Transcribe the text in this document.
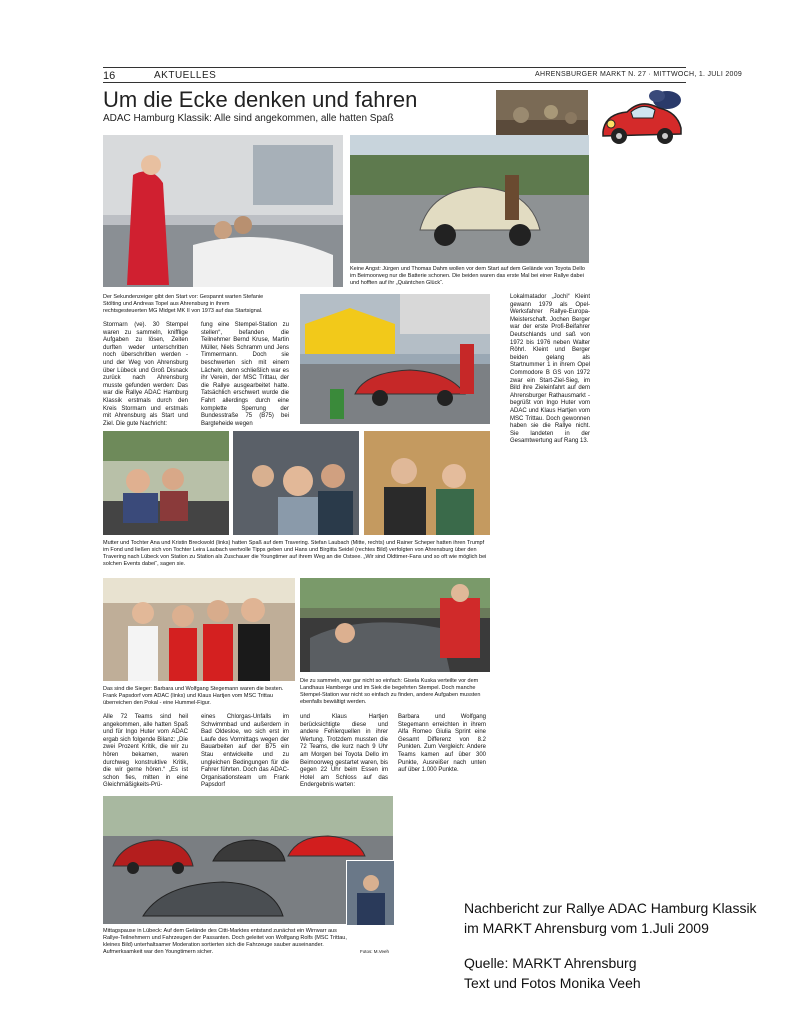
16	AKTUELLES	AHRENSBURGER MARKT N. 27 · MITTWOCH, 1. JULI 2009
Um die Ecke denken und fahren
ADAC Hamburg Klassik: Alle sind angekommen, alle hatten Spaß
Keine Angst: Jürgen und Thomas Dahm wollen vor dem Start auf dem Gelände von Toyota Dello im Beimoorweg nur die Batterie schonen. Die beiden waren das erste Mal bei einer Rallye dabei und hofften auf ihr „Quäntchen Glück“.
Der Sekundenzeiger gibt den Start vor: Gespannt warten Stefanie Stölting und Andreas Topel aus Ahrensburg in ihrem rechtsgesteuerten MG Midget MK II von 1973 auf das Startsignal.
Stormarn (ve). 30 Stempel waren zu sammeln, knifflige Aufgaben zu lösen, Zeiten durften weder unterschritten noch überschritten werden - und der Weg von Ahrensburg über Lübeck und Groß Disnack zurück nach Ahrensburg musste gefunden werden: Das war die Rallye ADAC Hamburg Klassik erstmals durch den Kreis Stormarn und erstmals mit Ahrensburg als Start und Ziel. Die gute Nachricht:
fung eine Stempel-Station zu stellen“, befanden die Teilnehmer Bernd Kruse, Martin Müller, Niels Schramm und Jens Timmermann. Doch sie beschwerten sich mit einem Lächeln, denn schließlich war es ihr Verein, der MSC Trittau, der die Rallye ausgearbeitet hatte. Tatsächlich erschwert wurde die Fahrt allerdings durch eine komplette Sperrung der Bundesstraße 75 (B75) bei Bargteheide wegen
Lokalmatador „Jochi“ Kleint gewann 1979 als Opel-Werksfahrer Rallye-Europa-Meisterschaft. Jochen Berger war der erste Profi-Beifahrer Deutschlands und saß von 1972 bis 1976 neben Walter Röhrl. Kleint und Berger beiden gelang als Startnummer 1 in ihrem Opel Commodore B GS von 1972 zwar ein Start-Ziel-Sieg, im Bild ihre Zieleinfahrt auf dem Ahrensburger Rathausmarkt - begrüßt von Ingo Huter vom ADAC und Klaus Hartjen vom MSC Trittau. Doch gewonnen haben sie die Rallye nicht. Sie landeten in der Gesamtwertung auf Rang 13.
Mutter und Tochter Ana und Kristin Breckwold (links) hatten Spaß auf dem Travering. Stefan Laubach (Mitte, rechts) und Rainer Scheper hatten ihren Trumpf im Fond und ließen sich von Tochter Leira Laubach wertvolle Tipps geben und Hans und Birgitta Seidel (rechtes Bild) verfolgten von Ahrensburg über den Travering nach Lübeck von Station zu Station als Zuschauer die Youngtimer auf ihrem Weg an die Ostsee. „Wir sind Oldtimer-Fans und so oft wie möglich bei solchen Events dabei“, sagen sie.
Das sind die Sieger: Barbara und Wolfgang Stegemann waren die besten. Frank Papsdorf vom ADAC (links) und Klaus Hartjen vom MSC Trittau überreichen den Pokal - eine Hummel-Figur.
Die zu sammeln, war gar nicht so einfach: Gisela Kuska verteilte vor dem Landhaus Hamberge und im Siek die begehrten Stempel. Doch manche Stempel-Station war nicht so einfach zu finden, andere Aufgaben mussten ebenfalls bewältigt werden.
Alle 72 Teams sind heil angekommen, alle hatten Spaß und für Ingo Huter vom ADAC ergab sich folgende Bilanz: „Die zwei Prozent Kritik, die wir zu hören bekamen, waren durchweg konstruktive Kritik, die wir gerne hören.“ „Es ist schon fies, mitten in eine Gleichmäßigkeits-Prü-
eines Chlorgas-Unfalls im Schwimmbad und außerdem in Bad Oldesloe, wo sich erst im Laufe des Vormittags wegen der Bauarbeiten auf der B75 ein Stau entwickelte und zu ungleichen Bedingungen für die Fahrer führten. Doch das ADAC-Organisationsteam um Frank Papsdorf
und Klaus Hartjen berücksichtigte diese und andere Fehlerquellen in ihrer Wertung. Trotzdem mussten die 72 Teams, die kurz nach 9 Uhr am Morgen bei Toyota Dello im Beimoorweg gestartet waren, bis gegen 22 Uhr beim Essen im Hotel am Schloss auf das Endergebnis warten:
Barbara und Wolfgang Stegemann erreichten in ihrem Alfa Romeo Giulia Sprint eine Gesamt Differenz von 8.2 Punkten. Zum Vergleich: Andere Teams kamen auf über 300 Punkte, Ausreißer nach unten auf über 1.000 Punkte.
Mittagspause in Lübeck: Auf dem Gelände des Citti-Marktes entstand zunächst ein Wirrwarr aus Rallye-Teilnehmern und Fahrzeugen der Passanten. Doch geleitet von Wolfgang Rolfs (MSC Trittau, kleines Bild) unterhaltsamer Moderation sortierten sich die Fahrzeuge sauber auseinander. Aufmerksamkeit war den Youngtimern sicher.	Fotos: M.Veeh
Nachbericht zur Rallye ADAC Hamburg Klassik
im MARKT Ahrensburg vom 1.Juli 2009
Quelle: MARKT Ahrensburg
Text und Fotos Monika Veeh
